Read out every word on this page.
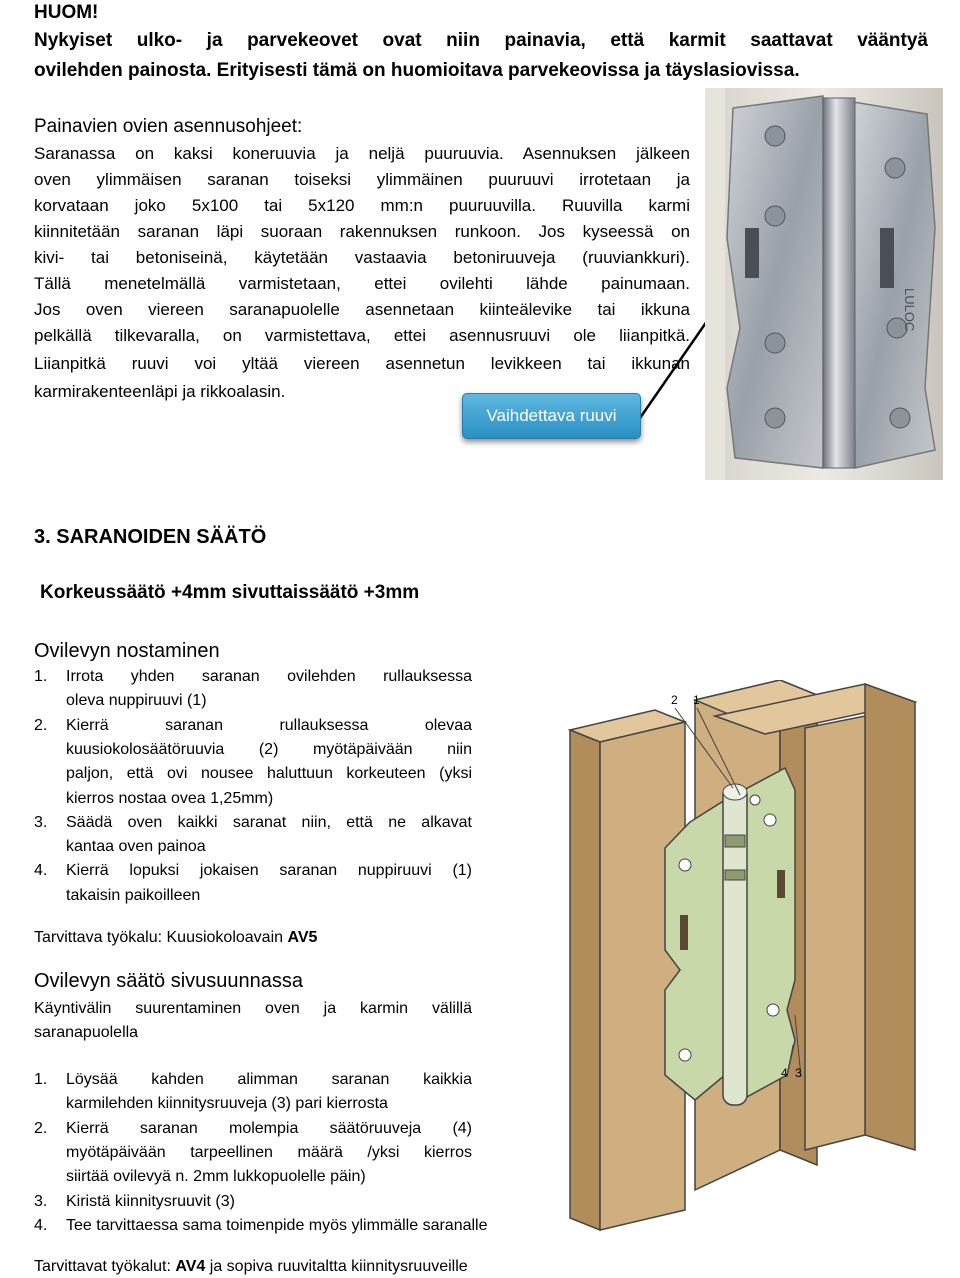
HUOM!
Nykyiset ulko- ja parvekeovet ovat niin painavia, että karmit saattavat vääntyä
ovilehden painosta. Erityisesti tämä on huomioitava parvekeovissa ja täyslasiovissa.
Painavien ovien asennusohjeet:
Saranassa on kaksi koneruuvia ja neljä puuruuvia. Asennuksen jälkeen
oven ylimmäisen saranan toiseksi ylimmäinen puuruuvi irrotetaan ja
korvataan joko 5x100 tai 5x120 mm:n puuruuvilla. Ruuvilla karmi
kiinnitetään saranan läpi suoraan rakennuksen runkoon. Jos kyseessä on
kivi- tai betoniseinä, käytetään vastaavia betoniruuveja (ruuviankkuri).
Tällä menetelmällä varmistetaan, ettei ovilehti lähde painumaan.
Jos oven viereen saranapuolelle asennetaan kiinteälevike tai ikkuna
pelkällä tilkevaralla, on varmistettava, ettei asennusruuvi ole liianpitkä.
Liianpitkä ruuvi voi yltää viereen asennetun levikkeen tai ikkunan
karmirakenteenläpi ja rikkoalasin.
Vaihdettava ruuvi
LULOC
3. SARANOIDEN SÄÄTÖ
Korkeussäätö +4mm sivuttaissäätö +3mm
Ovilevyn nostaminen
1. Irrota yhden saranan ovilehden rullauksessa
oleva nuppiruuvi (1)
2. Kierrä saranan rullauksessa olevaa
kuusiokolosäätöruuvia (2) myötäpäivään niin
paljon, että ovi nousee haluttuun korkeuteen (yksi
kierros nostaa ovea 1,25mm)
3. Säädä oven kaikki saranat niin, että ne alkavat
kantaa oven painoa
4. Kierrä lopuksi jokaisen saranan nuppiruuvi (1)
takaisin paikoilleen
Tarvittava työkalu: Kuusiokoloavain AV5
Ovilevyn säätö sivusuunnassa
Käyntivälin suurentaminen oven ja karmin välillä
saranapuolella
1. Löysää kahden alimman saranan kaikkia
karmilehden kiinnitysruuveja (3) pari kierrosta
2. Kierrä saranan molempia säätöruuveja (4)
myötäpäivään tarpeellinen määrä /yksi kierros
siirtää ovilevyä n. 2mm lukkopuolelle päin)
3. Kiristä kiinnitysruuvit (3)
4. Tee tarvittaessa sama toimenpide myös ylimmälle saranalle
Tarvittavat työkalut: AV4 ja sopiva ruuvitaltta kiinnitysruuveille
2 1
4 3
